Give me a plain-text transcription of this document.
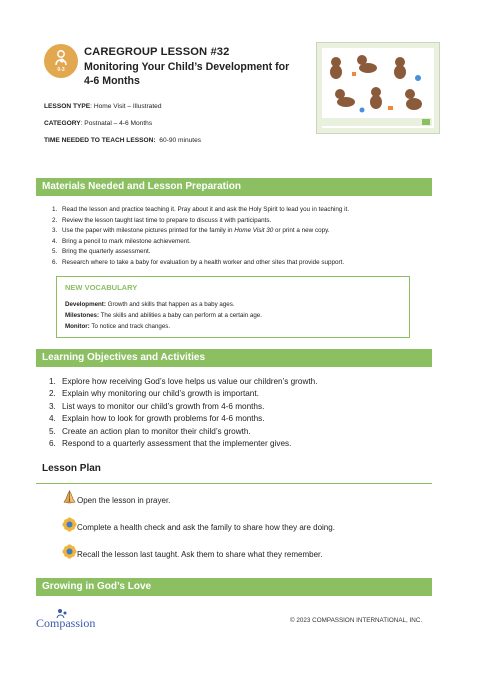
0-3
CAREGROUP LESSON #32
Monitoring Your Child’s Development for 4-6 Months
LESSON TYPE: Home Visit – Illustrated
CATEGORY: Postnatal – 4-6 Months
TIME NEEDED TO TEACH LESSON:  60-90 minutes
Materials Needed and Lesson Preparation
1. Read the lesson and practice teaching it. Pray about it and ask the Holy Spirit to lead you in teaching it.
2. Review the lesson taught last time to prepare to discuss it with participants.
3. Use the paper with milestone pictures printed for the family in Home Visit 30 or print a new copy.
4. Bring a pencil to mark milestone achievement.
5. Bring the quarterly assessment.
6. Research where to take a baby for evaluation by a health worker and other sites that provide support.
NEW VOCABULARY
Development: Growth and skills that happen as a baby ages.
Milestones: The skills and abilities a baby can perform at a certain age.
Monitor: To notice and track changes.
Learning Objectives and Activities
1. Explore how receiving God’s love helps us value our children’s growth.
2. Explain why monitoring our child’s growth is important.
3. List ways to monitor our child’s growth from 4-6 months.
4. Explain how to look for growth problems for 4-6 months.
5. Create an action plan to monitor their child’s growth.
6. Respond to a quarterly assessment that the implementer gives.
Lesson Plan
Open the lesson in prayer.
Complete a health check and ask the family to share how they are doing.
Recall the lesson last taught. Ask them to share what they remember.
Growing in God’s Love
Compassion	© 2023 COMPASSION INTERNATIONAL, INC.
